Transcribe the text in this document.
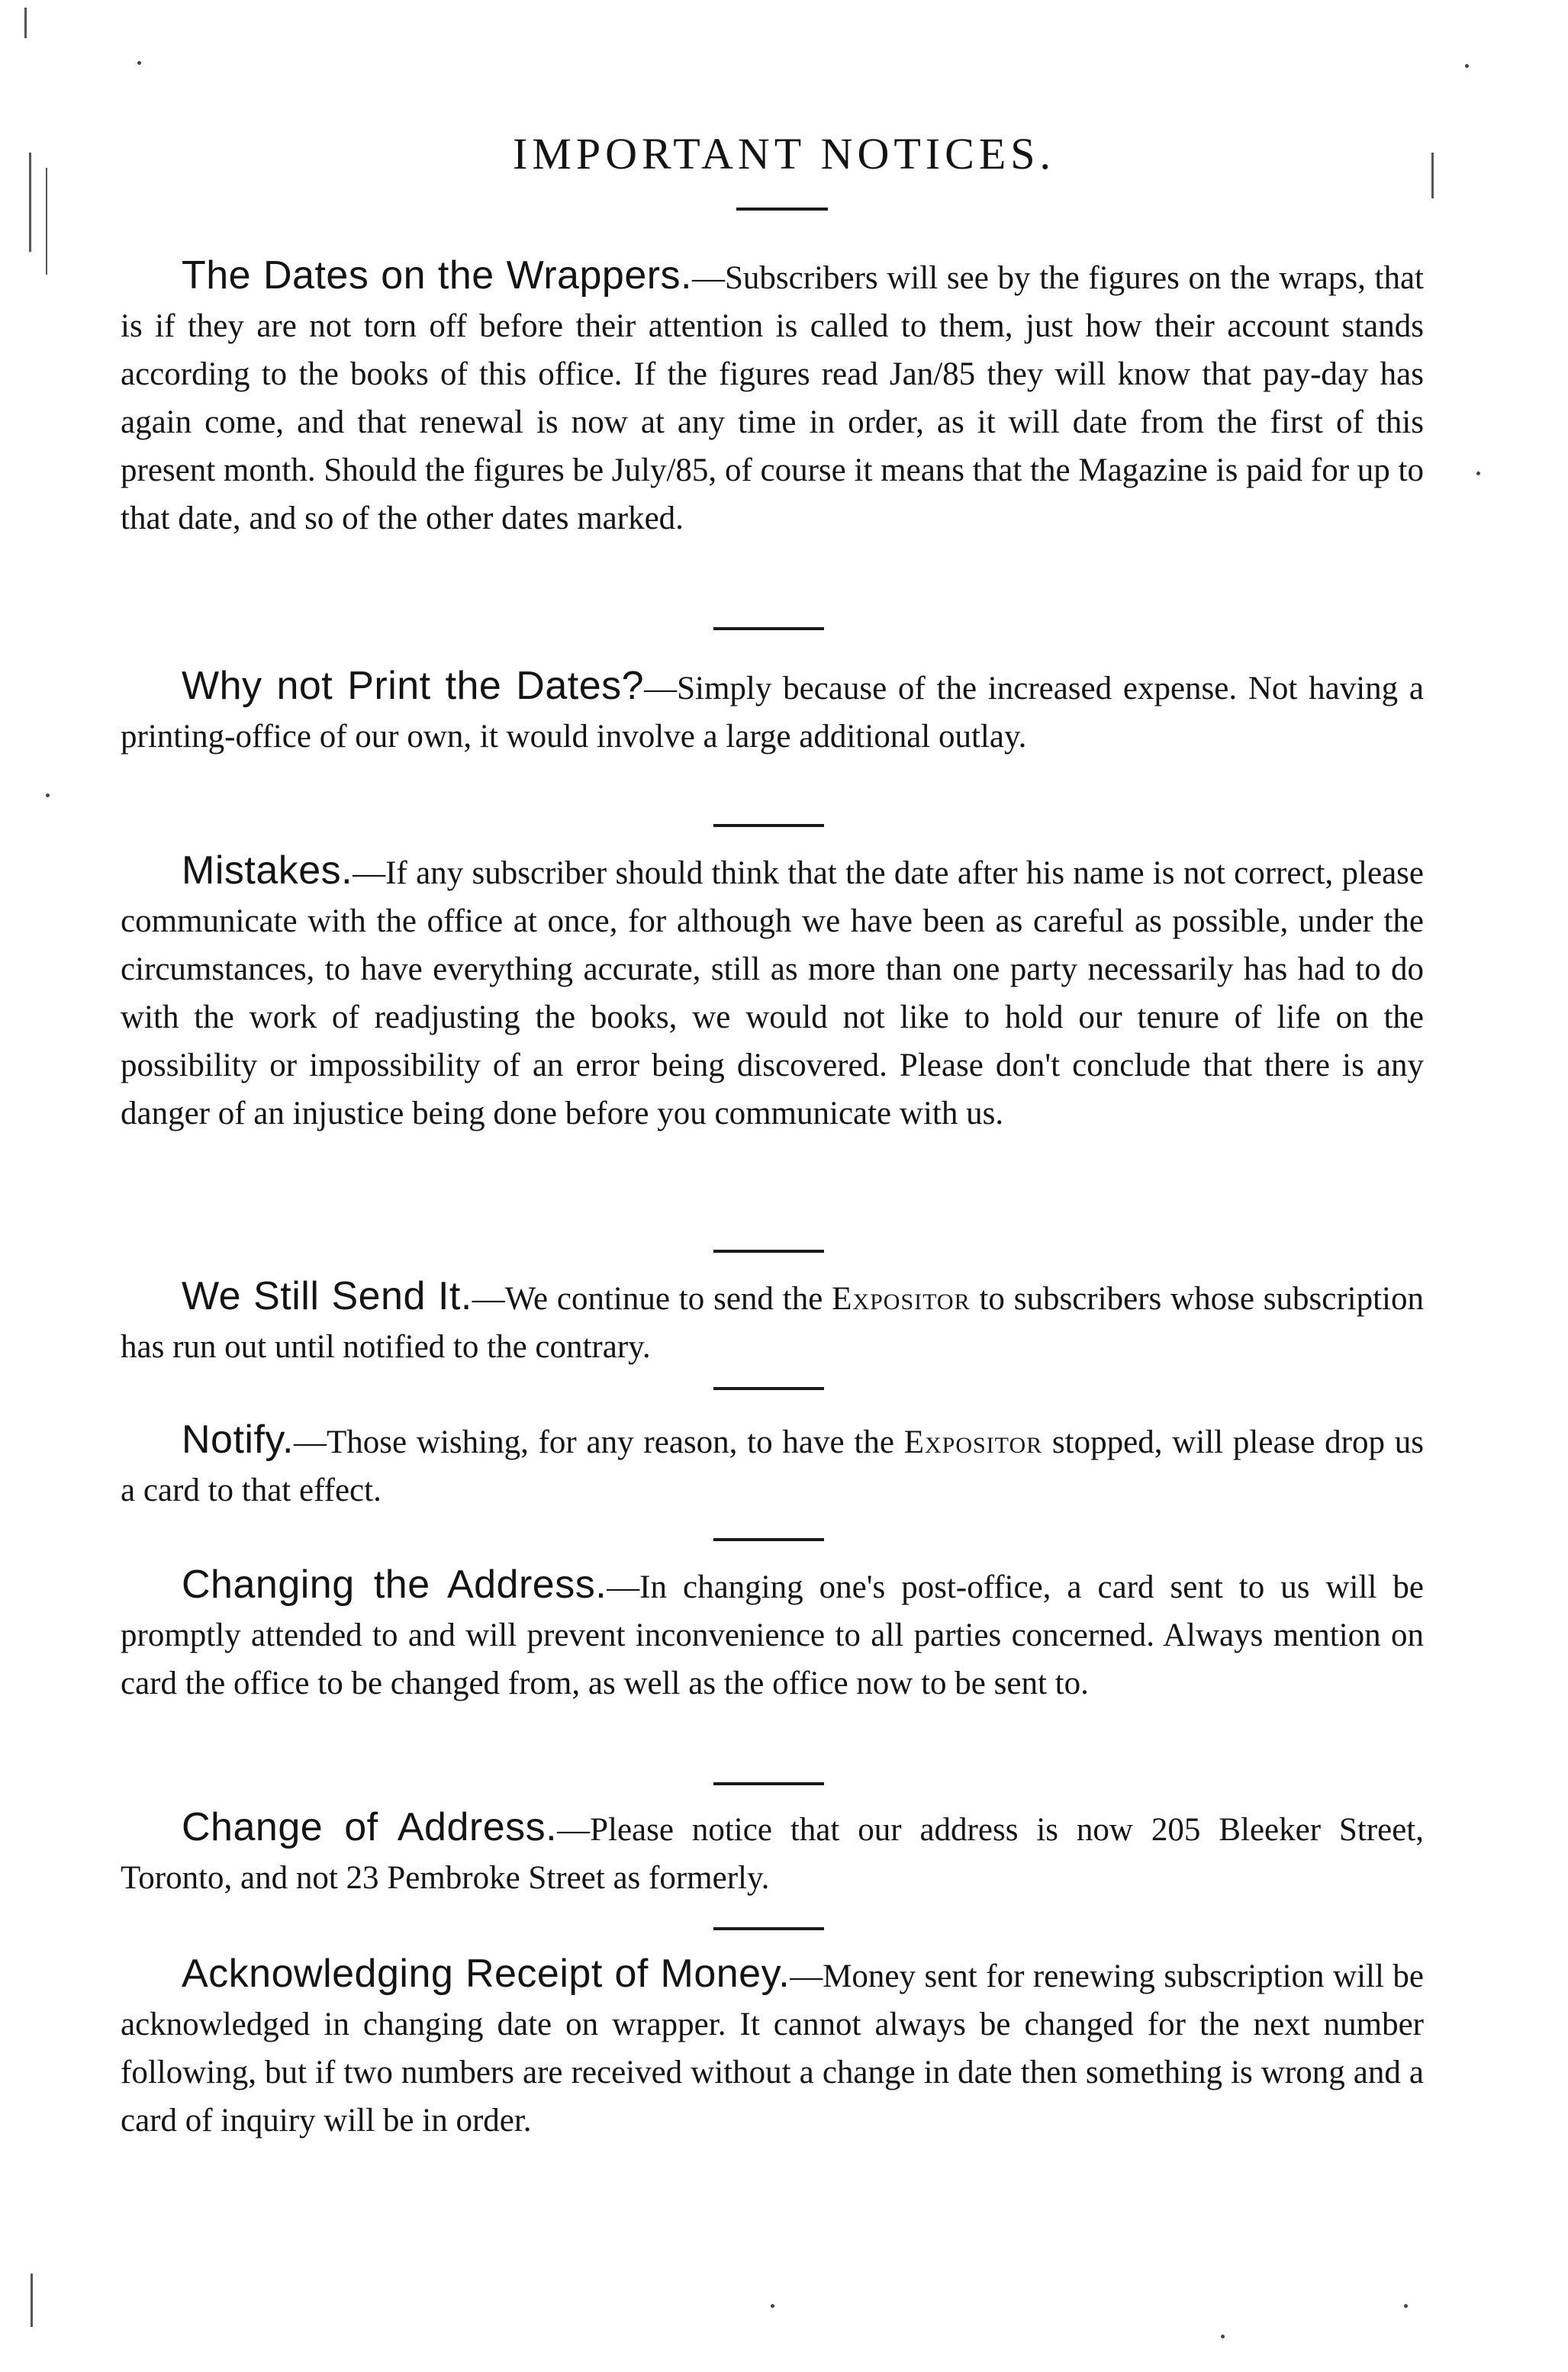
IMPORTANT NOTICES.

The Dates on the Wrappers.—Subscribers will see by the figures on the wraps, that is if they are not torn off before their attention is called to them, just how their account stands according to the books of this office. If the figures read Jan/85 they will know that pay-day has again come, and that renewal is now at any time in order, as it will date from the first of this present month. Should the figures be July/85, of course it means that the Magazine is paid for up to that date, and so of the other dates marked.

Why not Print the Dates?—Simply because of the increased expense. Not having a printing-office of our own, it would involve a large additional outlay.

Mistakes.—If any subscriber should think that the date after his name is not correct, please communicate with the office at once, for although we have been as careful as possible, under the circumstances, to have everything accurate, still as more than one party necessarily has had to do with the work of readjusting the books, we would not like to hold our tenure of life on the possibility or impossibility of an error being discovered. Please don't conclude that there is any danger of an injustice being done before you communicate with us.

We Still Send It.—We continue to send the Expositor to subscribers whose subscription has run out until notified to the contrary.

Notify.—Those wishing, for any reason, to have the Expositor stopped, will please drop us a card to that effect.

Changing the Address.—In changing one's post-office, a card sent to us will be promptly attended to and will prevent inconvenience to all parties concerned. Always mention on card the office to be changed from, as well as the office now to be sent to.

Change of Address.—Please notice that our address is now 205 Bleeker Street, Toronto, and not 23 Pembroke Street as formerly.

Acknowledging Receipt of Money.—Money sent for renewing subscription will be acknowledged in changing date on wrapper. It cannot always be changed for the next number following, but if two numbers are received without a change in date then something is wrong and a card of inquiry will be in order.
